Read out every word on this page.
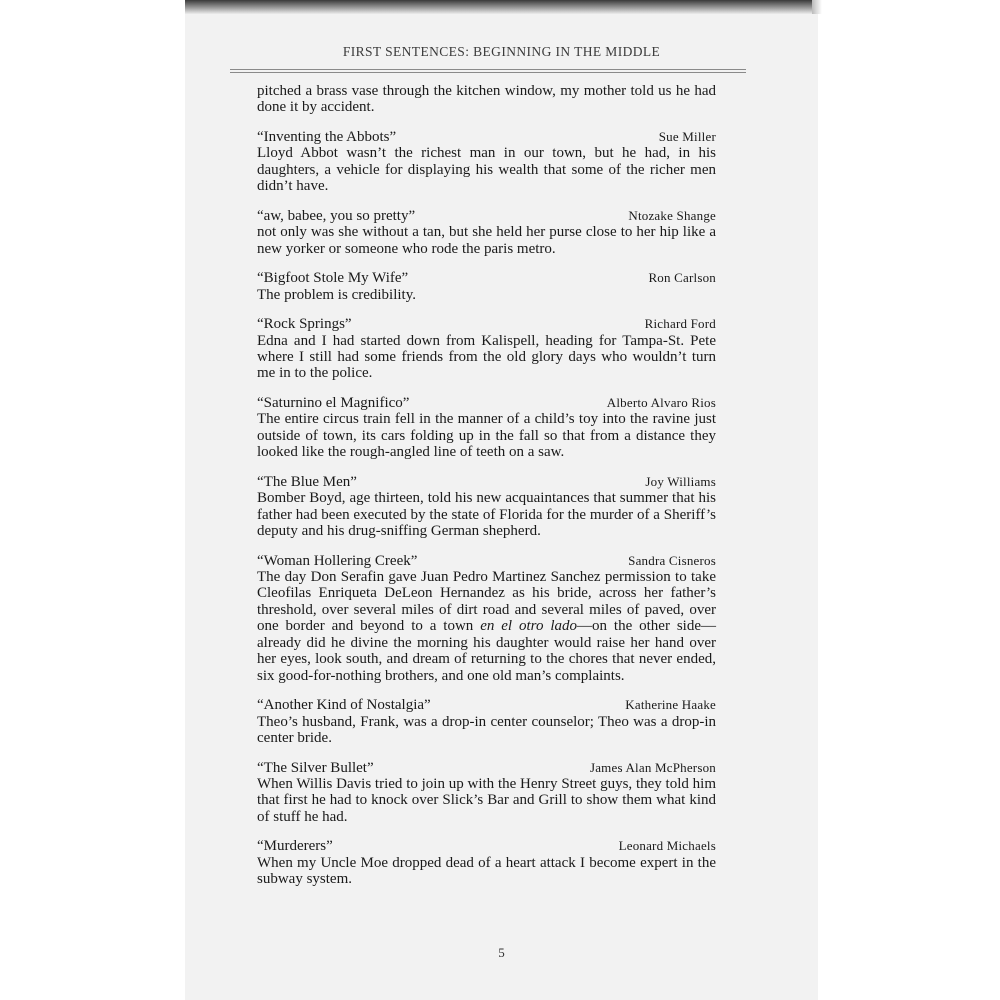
FIRST SENTENCES: BEGINNING IN THE MIDDLE

pitched a brass vase through the kitchen window, my mother told us he had done it by accident.

“Inventing the Abbots”	Sue Miller

Lloyd Abbot wasn’t the richest man in our town, but he had, in his daughters, a vehicle for displaying his wealth that some of the richer men didn’t have.

“aw, babee, you so pretty”	Ntozake Shange

not only was she without a tan, but she held her purse close to her hip like a new yorker or someone who rode the paris metro.

“Bigfoot Stole My Wife”	Ron Carlson

The problem is credibility.

“Rock Springs”	Richard Ford

Edna and I had started down from Kalispell, heading for Tampa-St. Pete where I still had some friends from the old glory days who wouldn’t turn me in to the police.

“Saturnino el Magnifico”	Alberto Alvaro Rios

The entire circus train fell in the manner of a child’s toy into the ravine just outside of town, its cars folding up in the fall so that from a distance they looked like the rough-angled line of teeth on a saw.

“The Blue Men”	Joy Williams

Bomber Boyd, age thirteen, told his new acquaintances that summer that his father had been executed by the state of Florida for the murder of a Sheriff’s deputy and his drug-sniffing German shepherd.

“Woman Hollering Creek”	Sandra Cisneros

The day Don Serafin gave Juan Pedro Martinez Sanchez permission to take Cleofilas Enriqueta DeLeon Hernandez as his bride, across her father’s threshold, over several miles of dirt road and several miles of paved, over one border and beyond to a town en el otro lado—on the other side—already did he divine the morning his daughter would raise her hand over her eyes, look south, and dream of returning to the chores that never ended, six good-for-nothing brothers, and one old man’s complaints.

“Another Kind of Nostalgia”	Katherine Haake

Theo’s husband, Frank, was a drop-in center counselor; Theo was a drop-in center bride.

“The Silver Bullet”	James Alan McPherson

When Willis Davis tried to join up with the Henry Street guys, they told him that first he had to knock over Slick’s Bar and Grill to show them what kind of stuff he had.

“Murderers”	Leonard Michaels

When my Uncle Moe dropped dead of a heart attack I become expert in the subway system.

5
